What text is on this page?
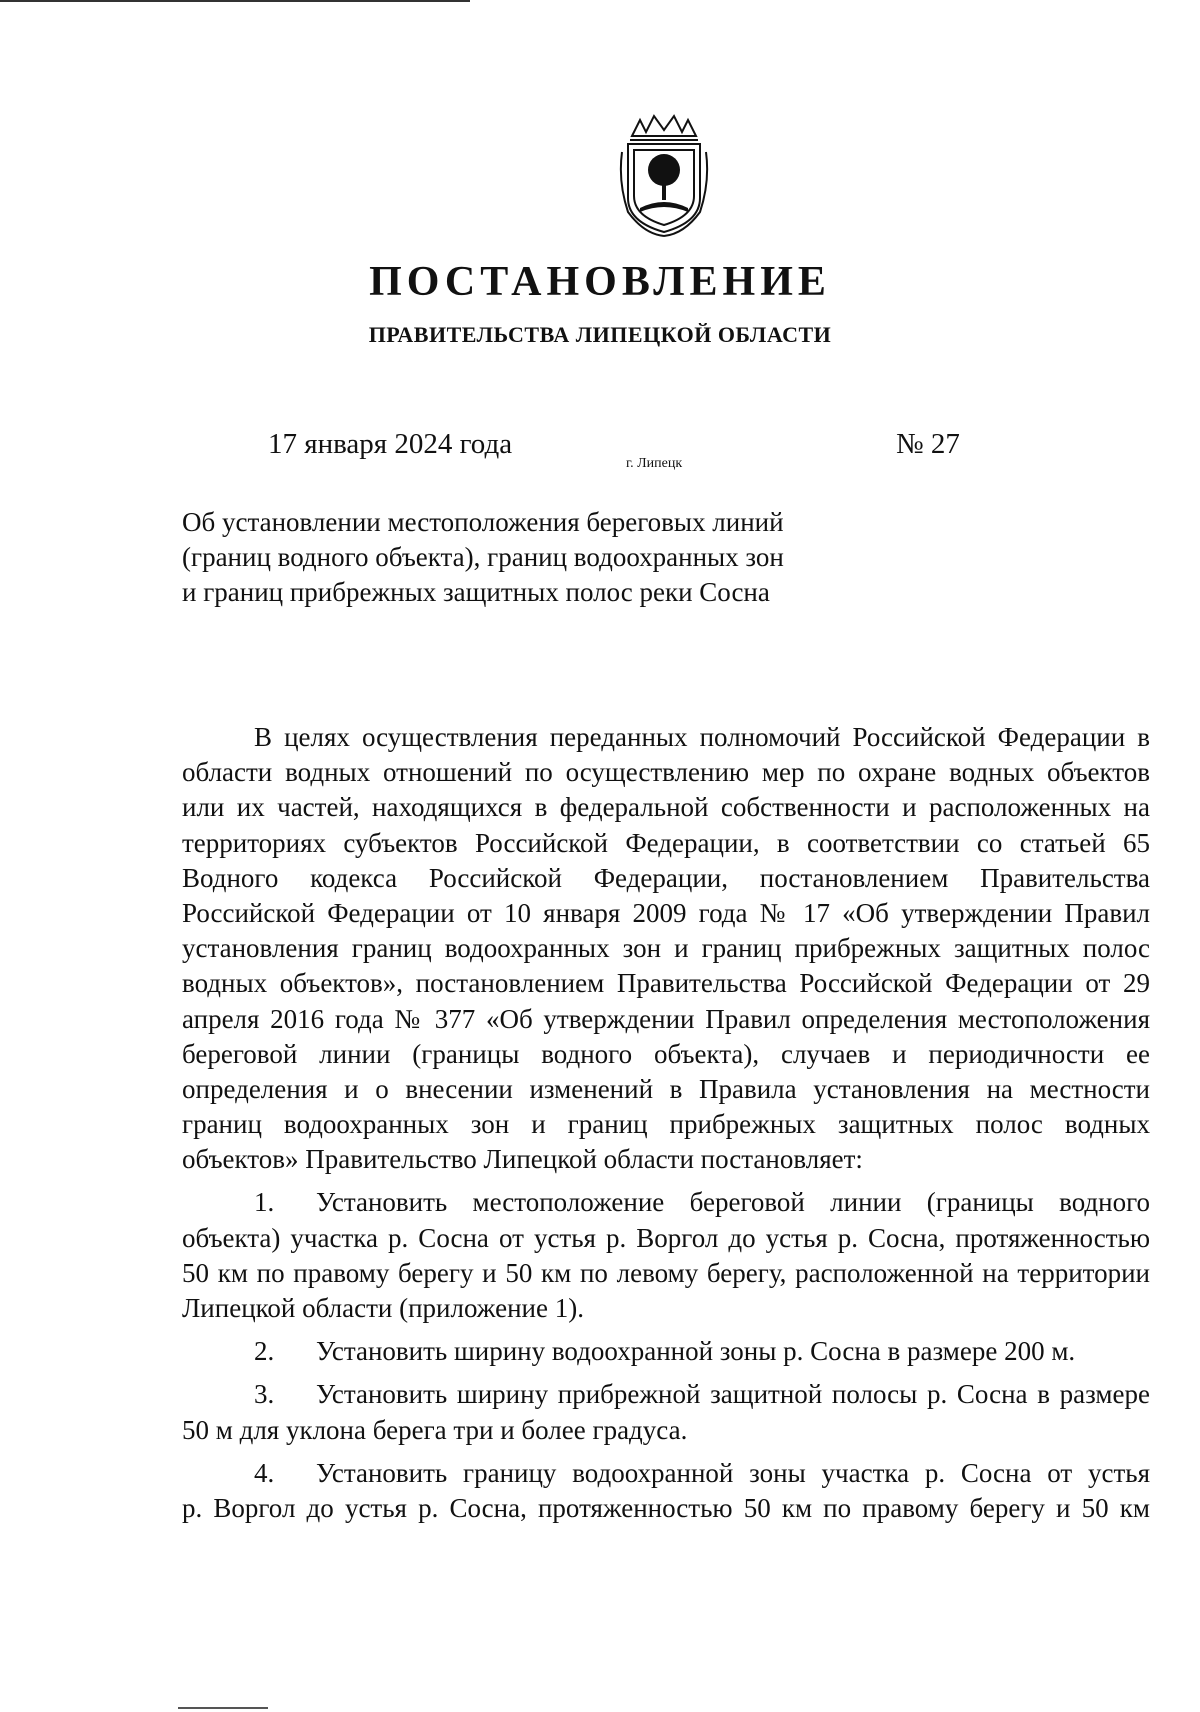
ПОСТАНОВЛЕНИЕ
ПРАВИТЕЛЬСТВА ЛИПЕЦКОЙ ОБЛАСТИ
17 января 2024 года
г. Липецк
№ 27
Об установлении местоположения береговых линий
(границ водного объекта), границ водоохранных зон
и границ прибрежных защитных полос реки Сосна
В целях осуществления переданных полномочий Российской Федерации в
области водных отношений по осуществлению мер по охране водных объектов
или их частей, находящихся в федеральной собственности и расположенных на
территориях субъектов Российской Федерации, в соответствии со статьей 65
Водного кодекса Российской Федерации, постановлением Правительства
Российской Федерации от 10 января 2009 года № 17 «Об утверждении Правил
установления границ водоохранных зон и границ прибрежных защитных полос
водных объектов», постановлением Правительства Российской Федерации от 29
апреля 2016 года № 377 «Об утверждении Правил определения местоположения
береговой линии (границы водного объекта), случаев и периодичности ее
определения и о внесении изменений в Правила установления на местности
границ водоохранных зон и границ прибрежных защитных полос водных
объектов» Правительство Липецкой области постановляет:
1. Установить местоположение береговой линии (границы водного
объекта) участка р. Сосна от устья р. Воргол до устья р. Сосна, протяженностью
50 км по правому берегу и 50 км по левому берегу, расположенной на территории
Липецкой области (приложение 1).
2. Установить ширину водоохранной зоны р. Сосна в размере 200 м.
3. Установить ширину прибрежной защитной полосы р. Сосна в размере
50 м для уклона берега три и более градуса.
4. Установить границу водоохранной зоны участка р. Сосна от устья
р. Воргол до устья р. Сосна, протяженностью 50 км по правому берегу и 50 км
